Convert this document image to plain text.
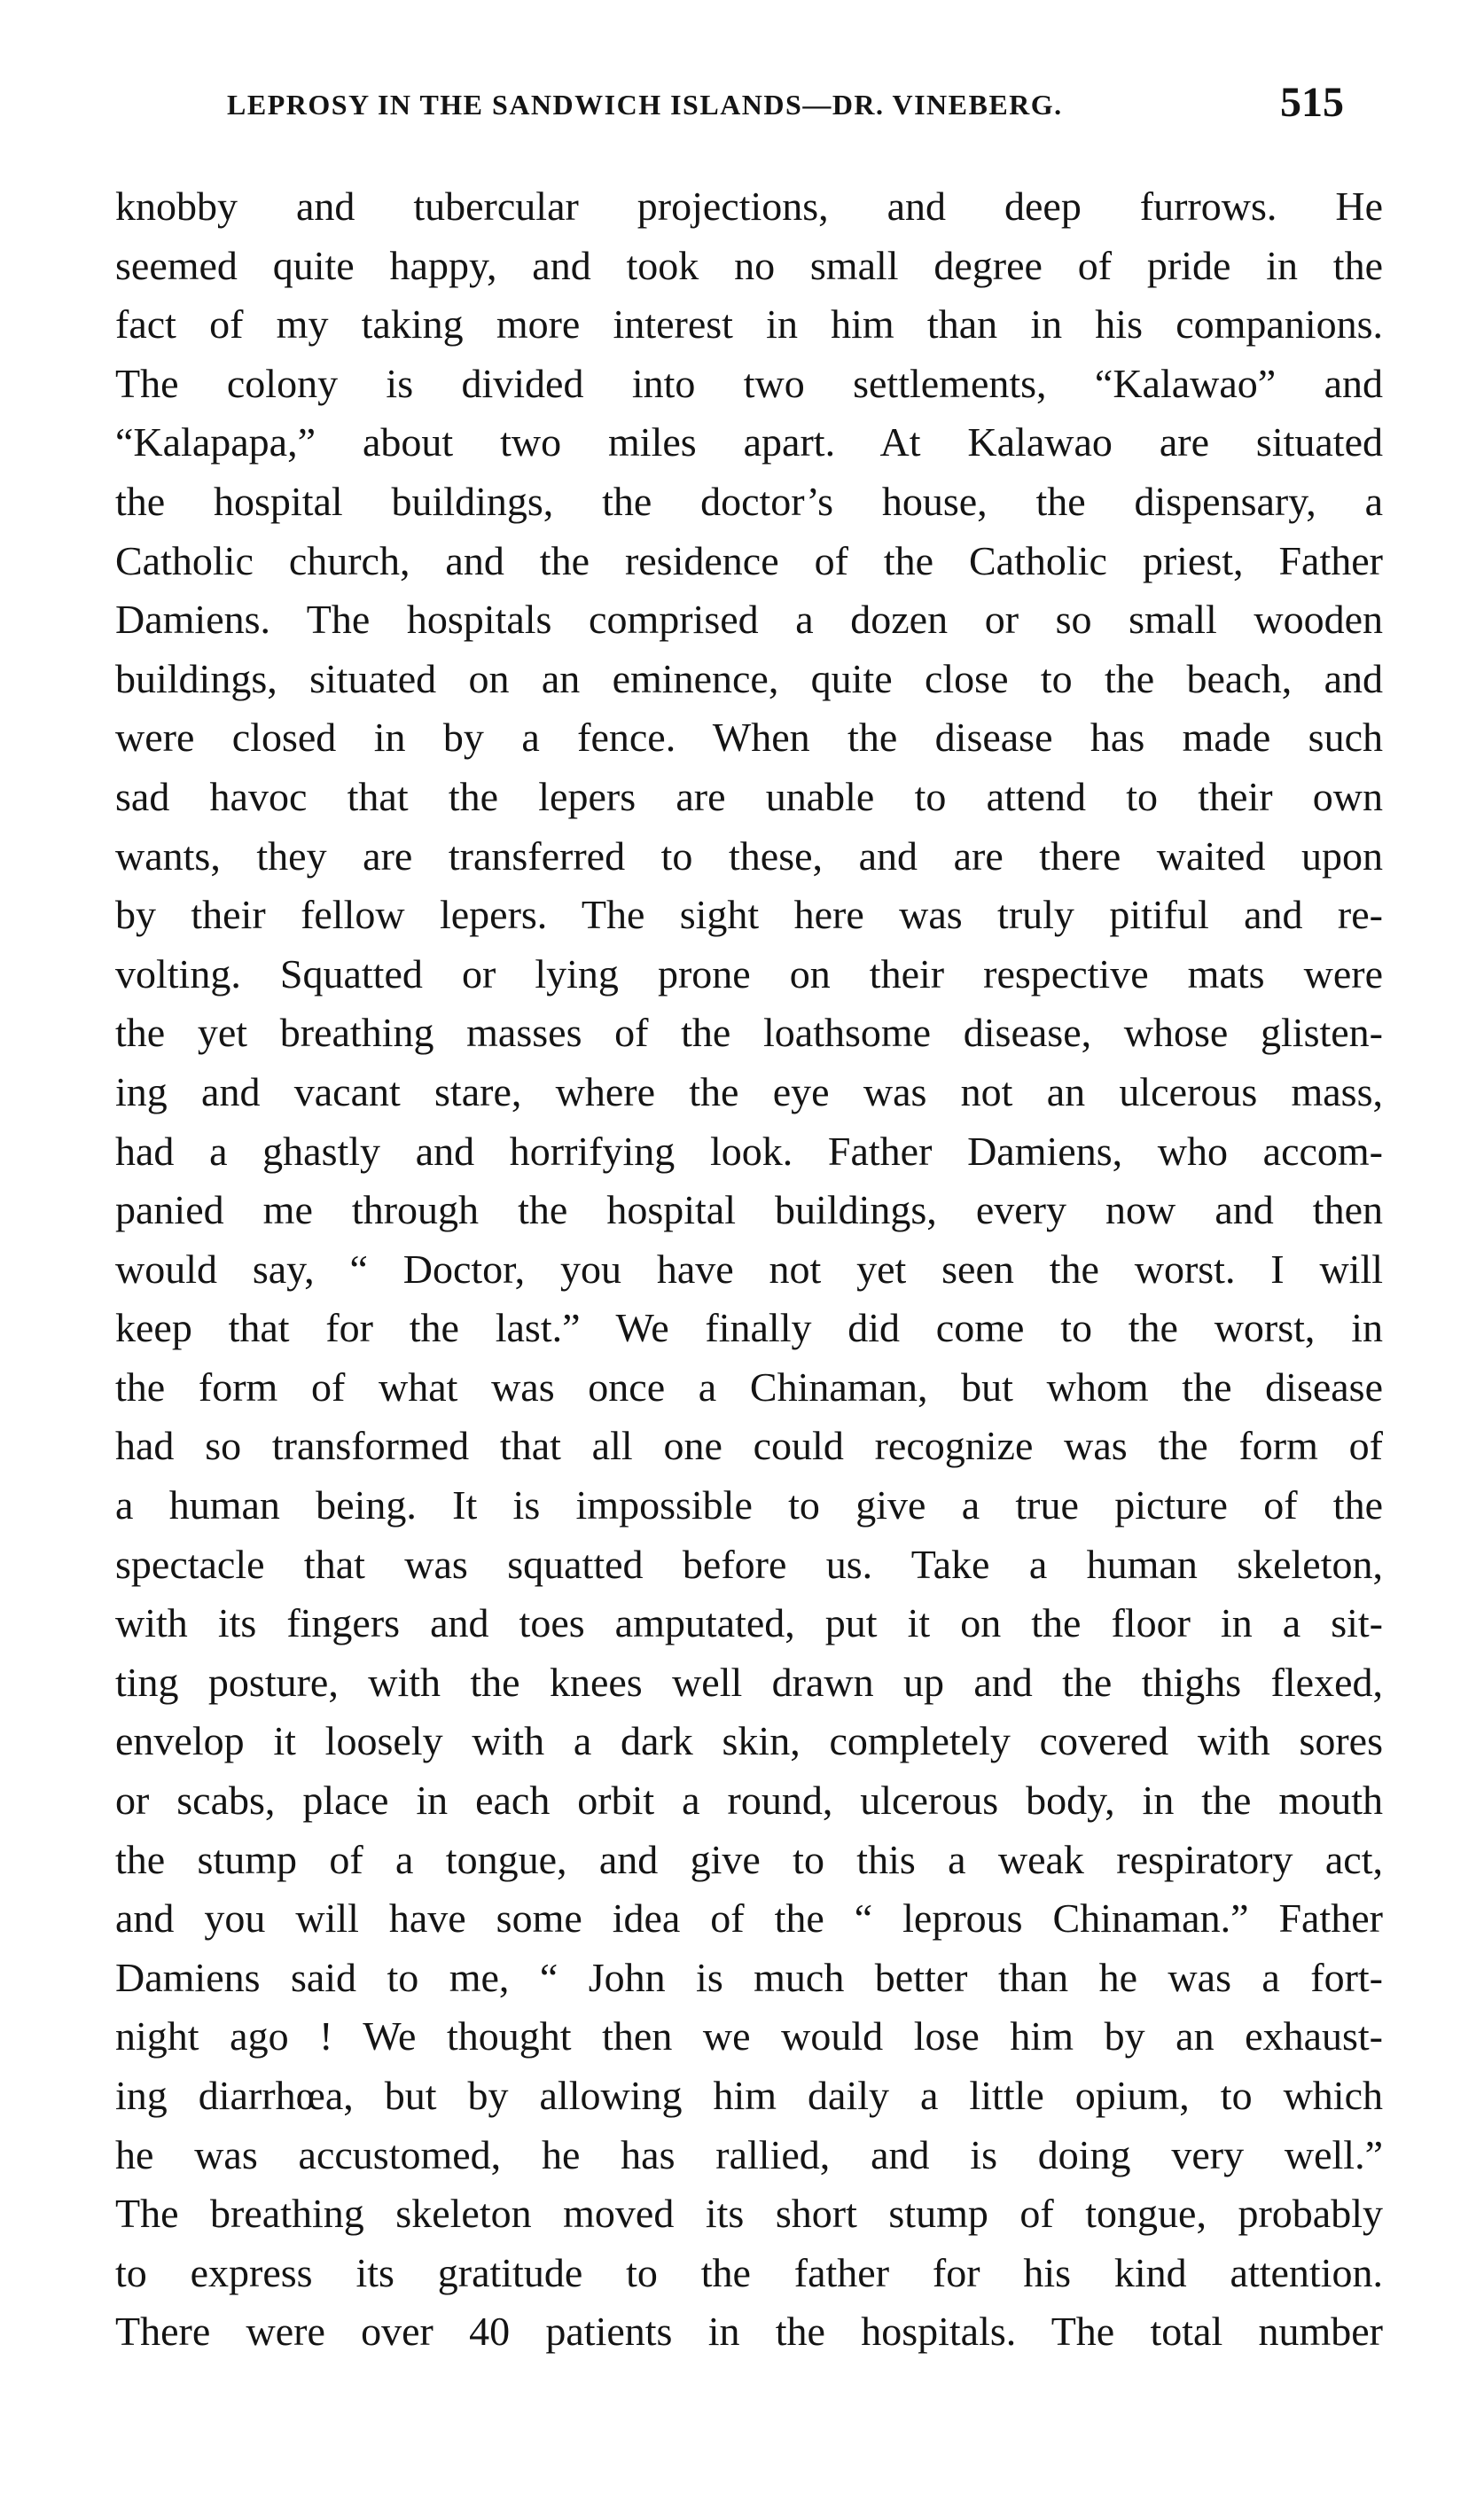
LEPROSY IN THE SANDWICH ISLANDS—DR. VINEBERG.	515
knobby and tubercular projections, and deep furrows. He
seemed quite happy, and took no small degree of pride in the
fact of my taking more interest in him than in his companions.
The colony is divided into two settlements, “Kalawao” and
“Kalapapa,” about two miles apart. At Kalawao are situated
the hospital buildings, the doctor’s house, the dispensary, a
Catholic church, and the residence of the Catholic priest, Father
Damiens. The hospitals comprised a dozen or so small wooden
buildings, situated on an eminence, quite close to the beach, and
were closed in by a fence. When the disease has made such
sad havoc that the lepers are unable to attend to their own
wants, they are transferred to these, and are there waited upon
by their fellow lepers. The sight here was truly pitiful and re-
volting. Squatted or lying prone on their respective mats were
the yet breathing masses of the loathsome disease, whose glisten-
ing and vacant stare, where the eye was not an ulcerous mass,
had a ghastly and horrifying look. Father Damiens, who accom-
panied me through the hospital buildings, every now and then
would say, “ Doctor, you have not yet seen the worst. I will
keep that for the last.” We finally did come to the worst, in
the form of what was once a Chinaman, but whom the disease
had so transformed that all one could recognize was the form of
a human being. It is impossible to give a true picture of the
spectacle that was squatted before us. Take a human skeleton,
with its fingers and toes amputated, put it on the floor in a sit-
ting posture, with the knees well drawn up and the thighs flexed,
envelop it loosely with a dark skin, completely covered with sores
or scabs, place in each orbit a round, ulcerous body, in the mouth
the stump of a tongue, and give to this a weak respiratory act,
and you will have some idea of the “ leprous Chinaman.” Father
Damiens said to me, “ John is much better than he was a fort-
night ago ! We thought then we would lose him by an exhaust-
ing diarrhœa, but by allowing him daily a little opium, to which
he was accustomed, he has rallied, and is doing very well.”
The breathing skeleton moved its short stump of tongue, probably
to express its gratitude to the father for his kind attention.
There were over 40 patients in the hospitals. The total number
